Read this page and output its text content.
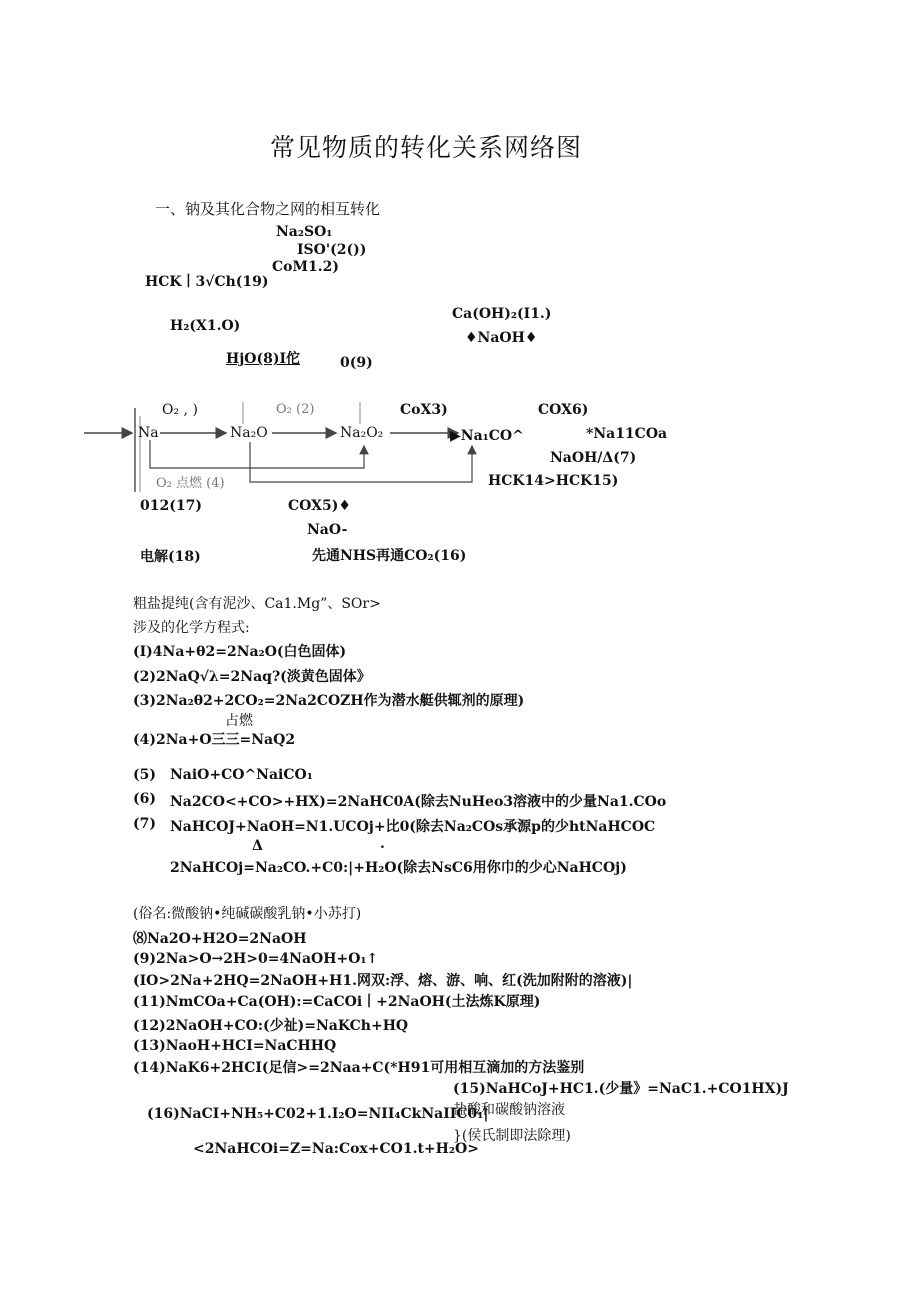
常见物质的转化关系网络图
一、钠及其化合物之网的相互转化
Na₂SO₁
ISO'(2())
CoM1.2)
HCK丨3√Ch(19)
H₂(X1.O)
Ca(OH)₂(I1.)
♦NaOH♦
HjO(8)I佗	0(9)
O₂ , )	O₂ (2)	CoX3)	COX6)
Na	Na₂O	Na₂O₂	▶Na₁CO^	*Na11COa
O₂ 点燃 (4)
NaOH/Δ(7)
HCK14>HCK15)
012(17)	COX5)♦
NaO-
电解(18)	先通NHS再通CO₂(16)
粗盐提纯(含有泥沙、Ca1.Mg”、SOr>
涉及的化学方程式:
(I)4Na+θ2=2Na₂O(白色固体)
(2)2NaQ√λ=2Naq?(淡黄色固体》
(3)2Na₂θ2+2CO₂=2Na2COZH作为潜水艇供辄剂的原理)
占燃
(4)2Na+O三三=NaQ2
(5) NaiO+CO^NaiCO₁
(6) Na2CO<+CO>+HX)=2NaHC0A(除去NuHeo3溶液中的少量Na1.COo
(7) NaHCOJ+NaOH=N1.UCOj+比0(除去Na₂COs承源p的少htNaHCOC
Δ	.
2NaHCOj=Na₂CO.+C0:|+H₂O(除去NsC6用你巾的少心NaHCOj)
(俗名:微酸钠•纯碱碳酸乳钠•小苏打)
⑻Na2O+H2O=2NaOH
(9)2Na>O→2H>0=4NaOH+O₁↑
(IO>2Na+2HQ=2NaOH+H1.网双:浮、熔、游、响、红(洗加附附的溶液)|
(11)NmCOa+Ca(OH):=CaCOi丨+2NaOH(土法炼K原理)
(12)2NaOH+CO:(少祉)=NaKCh+HQ
(13)NaoH+HCI=NaCHHQ
(14)NaK6+2HCI(足信>=2Naa+C(*H91可用相互滴加的方法鉴别
(15)NaHCoJ+HC1.(少量》=NaC1.+CO1HX)J
盐酸和碳酸钠溶液
(16)NaCI+NH₅+C02+1.I₂O=NII₄CkNaIIC0₁|
}(侯氏制即法除理)
<2NaHCOi=Z=Na:Cox+CO1.t+H₂O>
